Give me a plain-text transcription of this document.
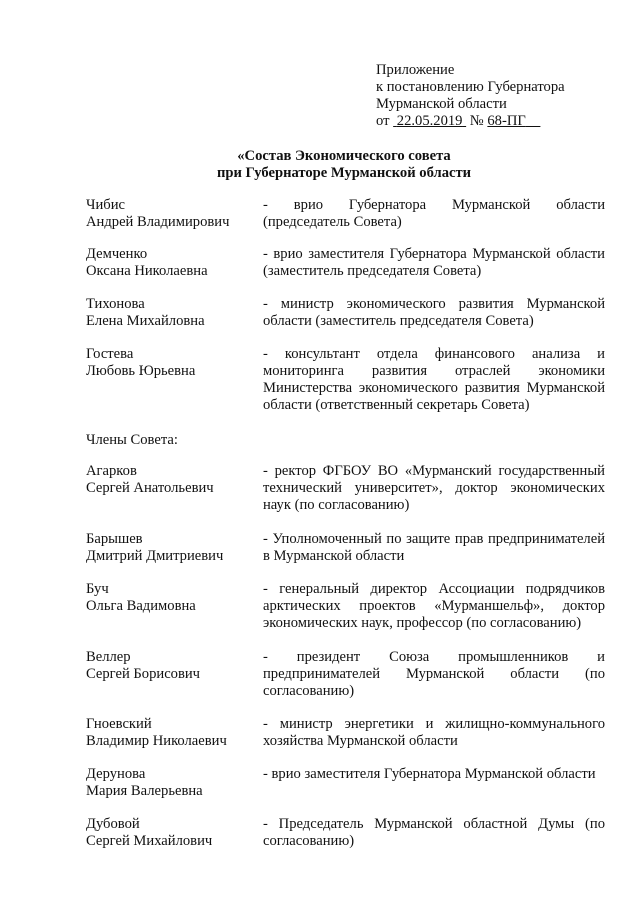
Приложение
к постановлению Губернатора
Мурманской области
от 22.05.2019 № 68-ПГ
«Состав Экономического совета
при Губернаторе Мурманской области
Чибис
Андрей Владимирович
- врио Губернатора Мурманской области (председатель Совета)
Демченко
Оксана Николаевна
- врио заместителя Губернатора Мурманской области (заместитель председателя Совета)
Тихонова
Елена Михайловна
- министр экономического развития Мурманской области (заместитель председателя Совета)
Гостева
Любовь Юрьевна
- консультант отдела финансового анализа и мониторинга развития отраслей экономики Министерства экономического развития Мурманской области (ответственный секретарь Совета)
Члены Совета:
Агарков
Сергей Анатольевич
- ректор ФГБОУ ВО «Мурманский государственный технический университет», доктор экономических наук (по согласованию)
Барышев
Дмитрий Дмитриевич
- Уполномоченный по защите прав предпринимателей в Мурманской области
Буч
Ольга Вадимовна
- генеральный директор Ассоциации подрядчиков арктических проектов «Мурманшельф», доктор экономических наук, профессор (по согласованию)
Веллер
Сергей Борисович
- президент Союза промышленников и предпринимателей Мурманской области (по согласованию)
Гноевский
Владимир Николаевич
- министр энергетики и жилищно-коммунального хозяйства Мурманской области
Дерунова
Мария Валерьевна
- врио заместителя Губернатора Мурманской области
Дубовой
Сергей Михайлович
- Председатель Мурманской областной Думы (по согласованию)
